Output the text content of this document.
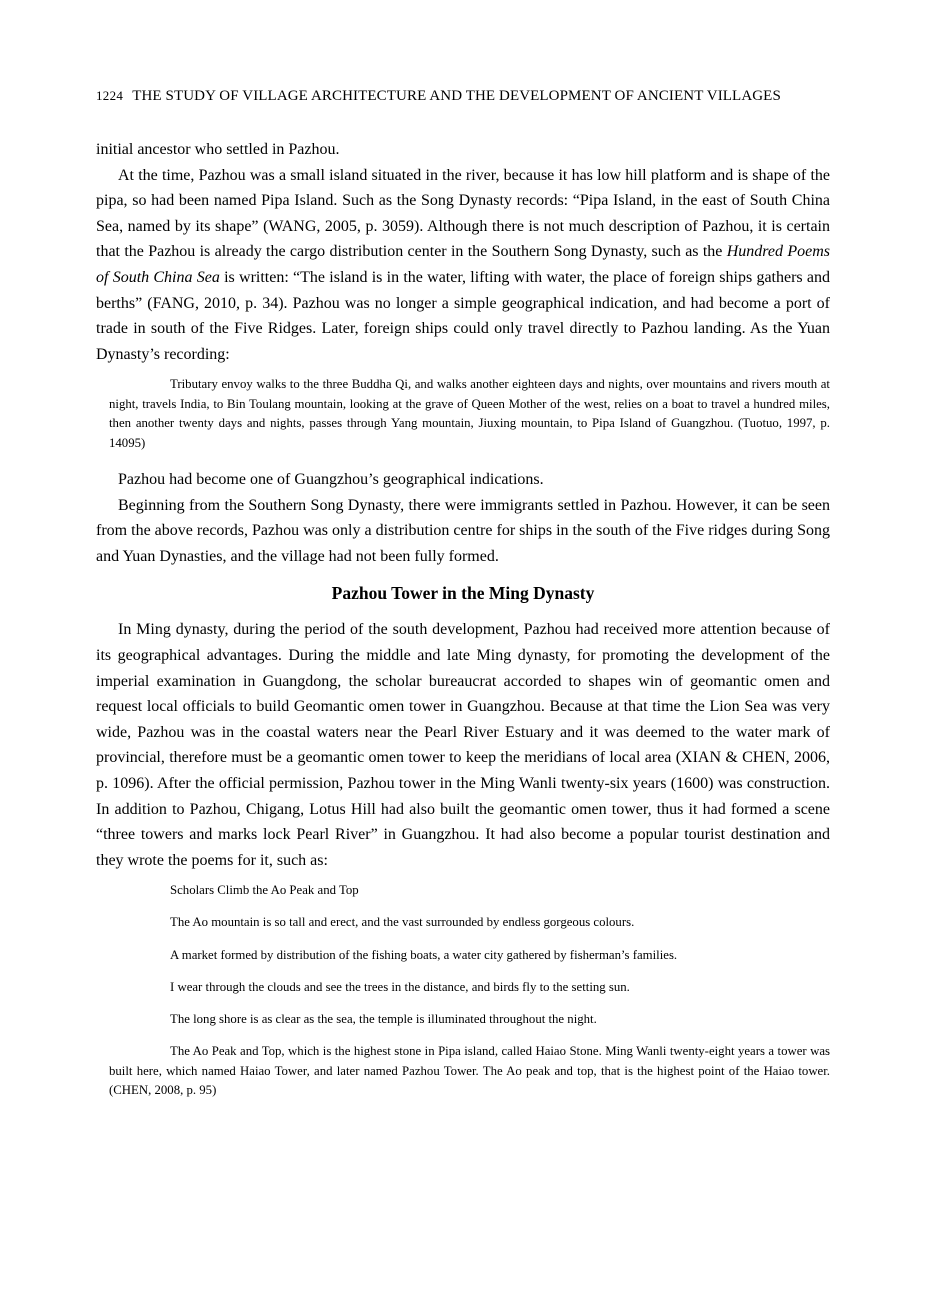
1224 THE STUDY OF VILLAGE ARCHITECTURE AND THE DEVELOPMENT OF ANCIENT VILLAGES

initial ancestor who settled in Pazhou.

At the time, Pazhou was a small island situated in the river, because it has low hill platform and is shape of the pipa, so had been named Pipa Island. Such as the Song Dynasty records: “Pipa Island, in the east of South China Sea, named by its shape” (WANG, 2005, p. 3059). Although there is not much description of Pazhou, it is certain that the Pazhou is already the cargo distribution center in the Southern Song Dynasty, such as the Hundred Poems of South China Sea is written: “The island is in the water, lifting with water, the place of foreign ships gathers and berths” (FANG, 2010, p. 34). Pazhou was no longer a simple geographical indication, and had become a port of trade in south of the Five Ridges. Later, foreign ships could only travel directly to Pazhou landing. As the Yuan Dynasty’s recording:

Tributary envoy walks to the three Buddha Qi, and walks another eighteen days and nights, over mountains and rivers mouth at night, travels India, to Bin Toulang mountain, looking at the grave of Queen Mother of the west, relies on a boat to travel a hundred miles, then another twenty days and nights, passes through Yang mountain, Jiuxing mountain, to Pipa Island of Guangzhou. (Tuotuo, 1997, p. 14095)

Pazhou had become one of Guangzhou’s geographical indications.

Beginning from the Southern Song Dynasty, there were immigrants settled in Pazhou. However, it can be seen from the above records, Pazhou was only a distribution centre for ships in the south of the Five ridges during Song and Yuan Dynasties, and the village had not been fully formed.

Pazhou Tower in the Ming Dynasty

In Ming dynasty, during the period of the south development, Pazhou had received more attention because of its geographical advantages. During the middle and late Ming dynasty, for promoting the development of the imperial examination in Guangdong, the scholar bureaucrat accorded to shapes win of geomantic omen and request local officials to build Geomantic omen tower in Guangzhou. Because at that time the Lion Sea was very wide, Pazhou was in the coastal waters near the Pearl River Estuary and it was deemed to the water mark of provincial, therefore must be a geomantic omen tower to keep the meridians of local area (XIAN & CHEN, 2006, p. 1096). After the official permission, Pazhou tower in the Ming Wanli twenty-six years (1600) was construction. In addition to Pazhou, Chigang, Lotus Hill had also built the geomantic omen tower, thus it had formed a scene “three towers and marks lock Pearl River” in Guangzhou. It had also become a popular tourist destination and they wrote the poems for it, such as:

Scholars Climb the Ao Peak and Top

The Ao mountain is so tall and erect, and the vast surrounded by endless gorgeous colours.

A market formed by distribution of the fishing boats, a water city gathered by fisherman’s families.

I wear through the clouds and see the trees in the distance, and birds fly to the setting sun.

The long shore is as clear as the sea, the temple is illuminated throughout the night.

The Ao Peak and Top, which is the highest stone in Pipa island, called Haiao Stone. Ming Wanli twenty-eight years a tower was built here, which named Haiao Tower, and later named Pazhou Tower. The Ao peak and top, that is the highest point of the Haiao tower. (CHEN, 2008, p. 95)
